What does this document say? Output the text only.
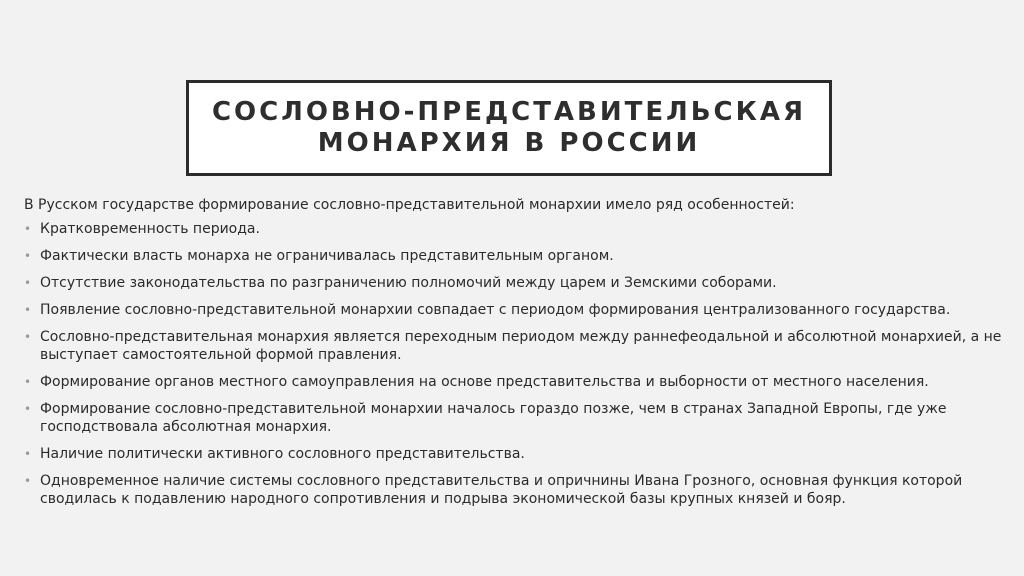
СОСЛОВНО-ПРЕДСТАВИТЕЛЬСКАЯ
МОНАРХИЯ В РОССИИ

В Русском государстве формирование сословно-представительной монархии имело ряд особенностей:

• Кратковременность периода.
• Фактически власть монарха не ограничивалась представительным органом.
• Отсутствие законодательства по разграничению полномочий между царем и Земскими соборами.
• Появление сословно-представительной монархии совпадает с периодом формирования централизованного государства.
• Сословно-представительная монархия является переходным периодом между раннефеодальной и абсолютной монархией, а не выступает самостоятельной формой правления.
• Формирование органов местного самоуправления на основе представительства и выборности от местного населения.
• Формирование сословно-представительной монархии началось гораздо позже, чем в странах Западной Европы, где уже господствовала абсолютная монархия.
• Наличие политически активного сословного представительства.
• Одновременное наличие системы сословного представительства и опричнины Ивана Грозного, основная функция которой сводилась к подавлению народного сопротивления и подрыва экономической базы крупных князей и бояр.
